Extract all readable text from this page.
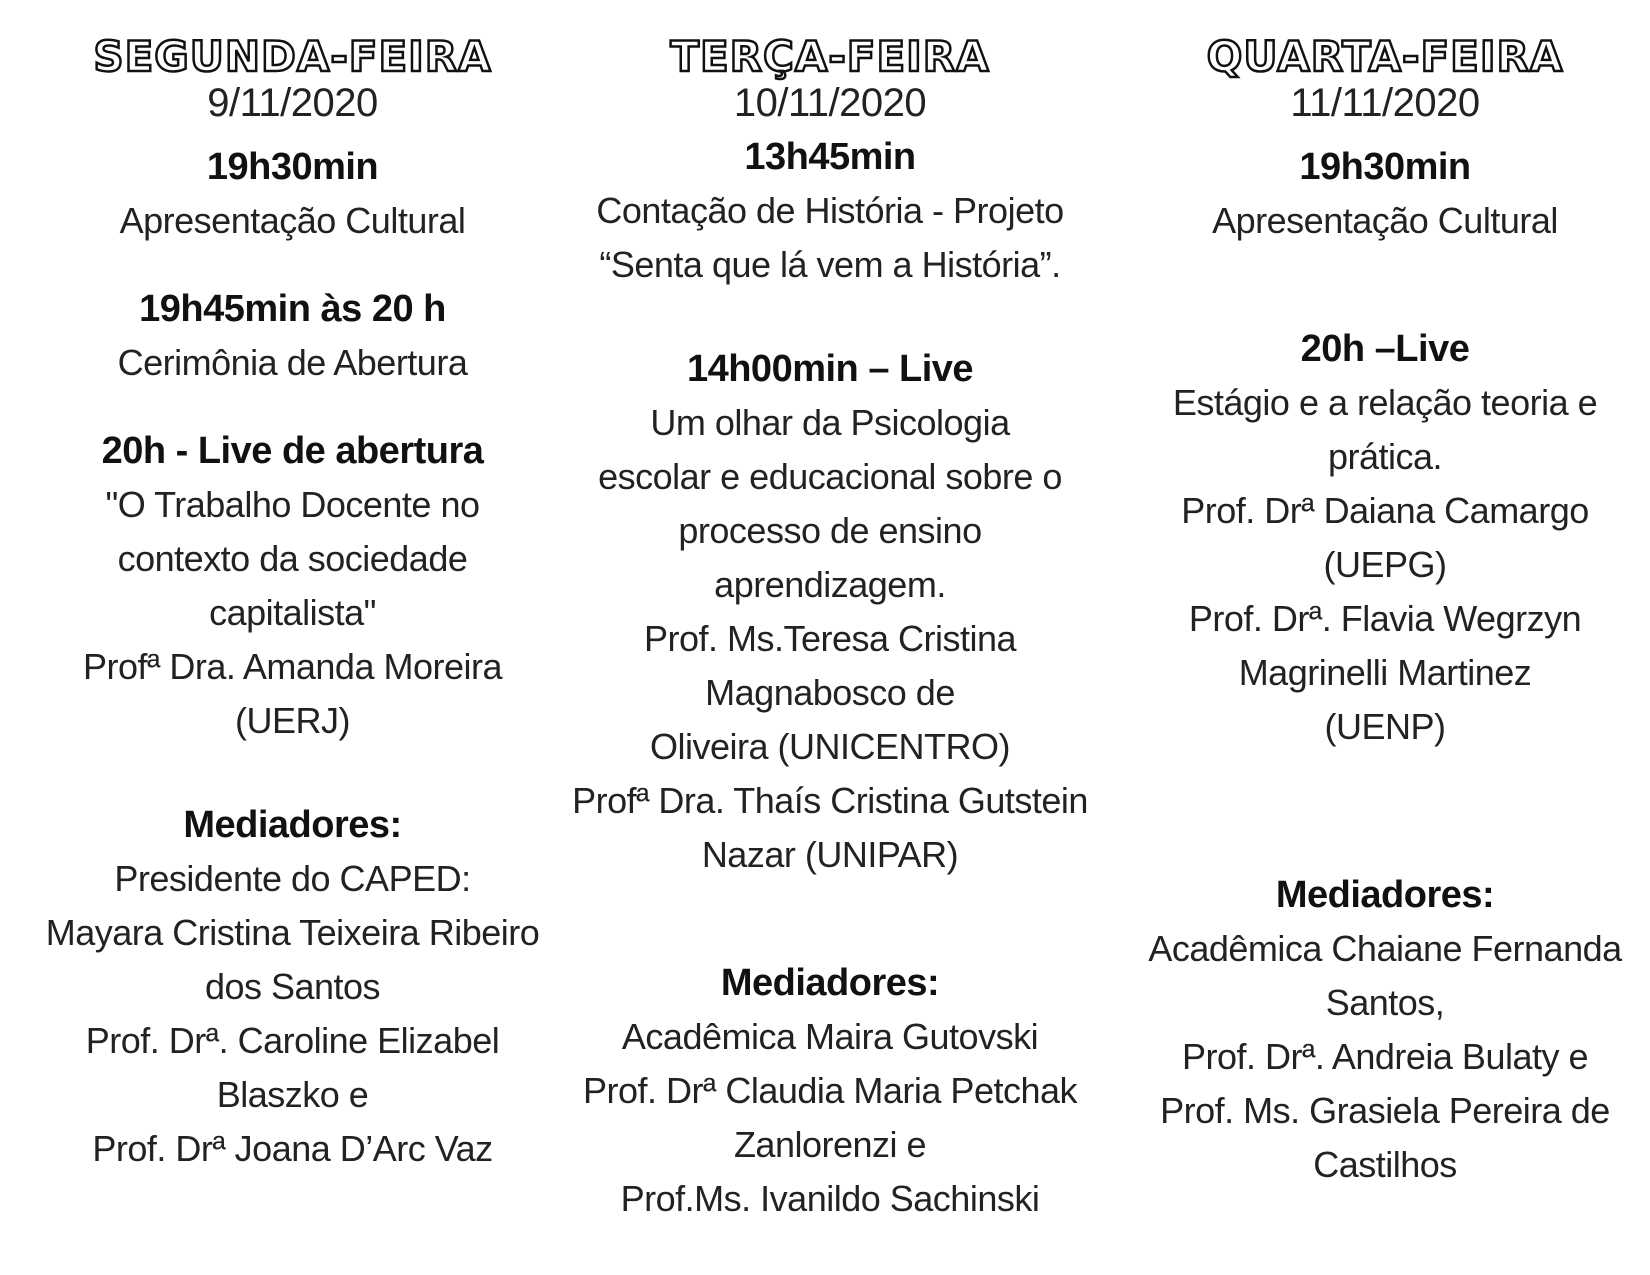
SEGUNDA-FEIRA
9/11/2020
19h30min
Apresentação Cultural
19h45min às 20 h
Cerimônia de Abertura
20h - Live de abertura
"O Trabalho Docente no
contexto da sociedade
capitalista"
Profª Dra. Amanda Moreira
(UERJ)
Mediadores:
Presidente do CAPED:
Mayara Cristina Teixeira Ribeiro
dos Santos
Prof. Drª. Caroline Elizabel
Blaszko e
Prof. Drª Joana D’Arc Vaz
TERÇA-FEIRA
10/11/2020
13h45min
Contação de História - Projeto
“Senta que lá vem a História”.
14h00min – Live
Um olhar da Psicologia
escolar e educacional sobre o
processo de ensino
aprendizagem.
Prof. Ms.Teresa Cristina
Magnabosco de
Oliveira (UNICENTRO)
Profª Dra. Thaís Cristina Gutstein
Nazar (UNIPAR)
Mediadores:
Acadêmica Maira Gutovski
Prof. Drª Claudia Maria Petchak
Zanlorenzi e
Prof.Ms. Ivanildo Sachinski
QUARTA-FEIRA
11/11/2020
19h30min
Apresentação Cultural
20h –Live
Estágio e a relação teoria e
prática.
Prof. Drª Daiana Camargo
(UEPG)
Prof. Drª. Flavia Wegrzyn
Magrinelli Martinez
(UENP)
Mediadores:
Acadêmica Chaiane Fernanda
Santos,
Prof. Drª. Andreia Bulaty e
Prof. Ms. Grasiela Pereira de
Castilhos
